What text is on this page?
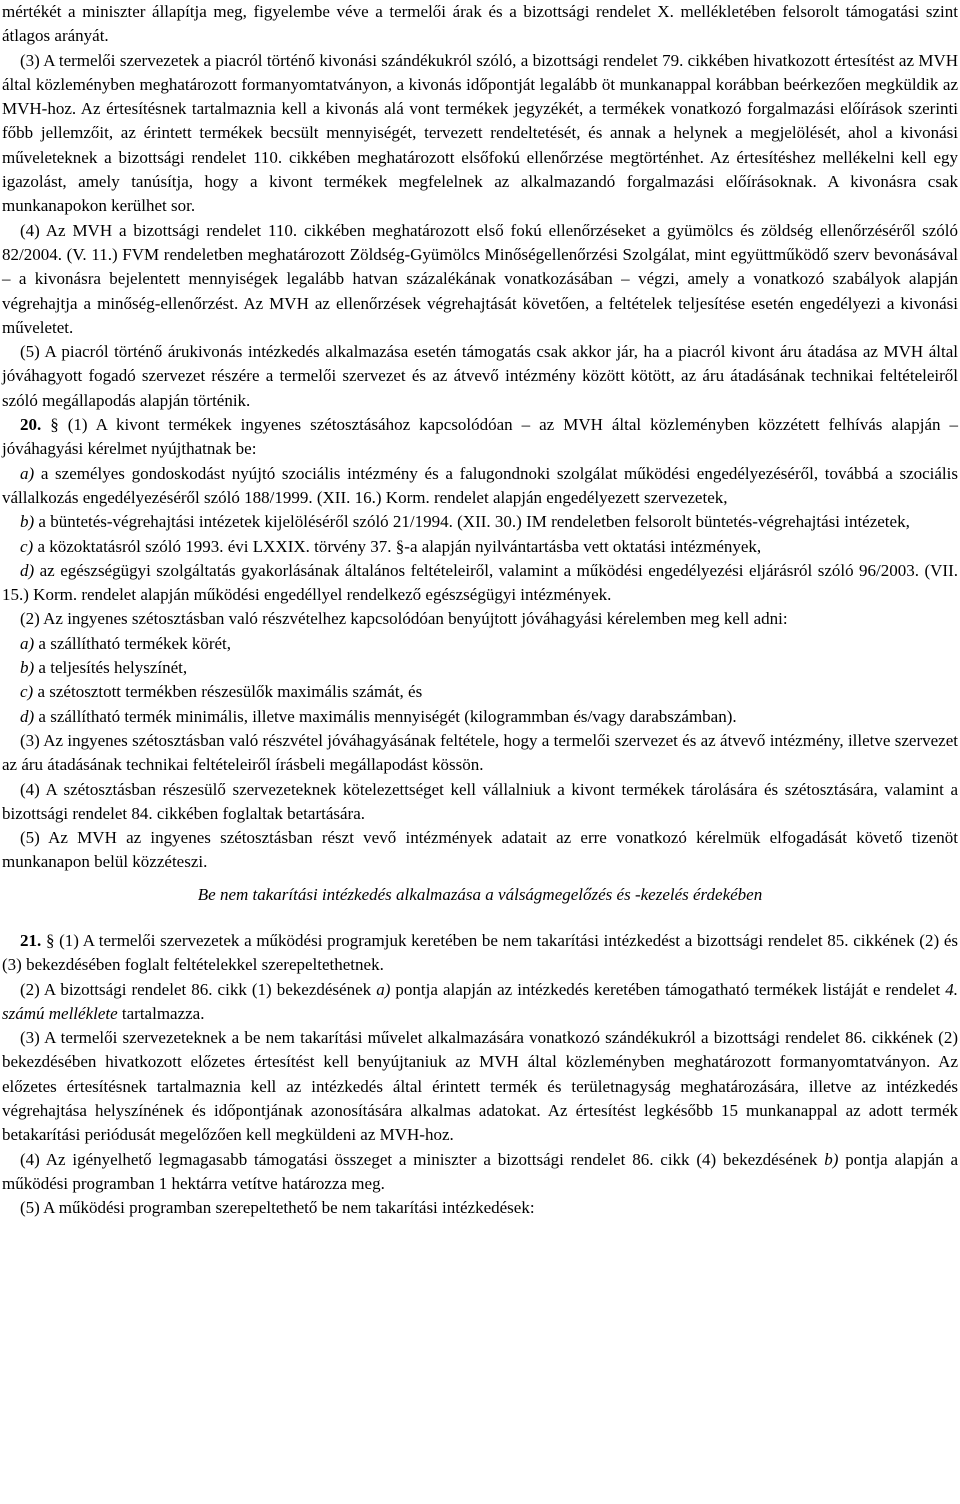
mértékét a miniszter állapítja meg, figyelembe véve a termelői árak és a bizottsági rendelet X. mellékletében felsorolt támogatási szint átlagos arányát.

(3) A termelői szervezetek a piacról történő kivonási szándékukról szóló, a bizottsági rendelet 79. cikkében hivatkozott értesítést az MVH által közleményben meghatározott formanyomtatványon, a kivonás időpontját legalább öt munkanappal korábban beérkezően megküldik az MVH-hoz. Az értesítésnek tartalmaznia kell a kivonás alá vont termékek jegyzékét, a termékek vonatkozó forgalmazási előírások szerinti főbb jellemzőit, az érintett termékek becsült mennyiségét, tervezett rendeltetését, és annak a helynek a megjelölését, ahol a kivonási műveleteknek a bizottsági rendelet 110. cikkében meghatározott elsőfokú ellenőrzése megtörténhet. Az értesítéshez mellékelni kell egy igazolást, amely tanúsítja, hogy a kivont termékek megfelelnek az alkalmazandó forgalmazási előírásoknak. A kivonásra csak munkanapokon kerülhet sor.

(4) Az MVH a bizottsági rendelet 110. cikkében meghatározott első fokú ellenőrzéseket a gyümölcs és zöldség ellenőrzéséről szóló 82/2004. (V. 11.) FVM rendeletben meghatározott Zöldség-Gyümölcs Minőségellenőrzési Szolgálat, mint együttműködő szerv bevonásával – a kivonásra bejelentett mennyiségek legalább hatvan százalékának vonatkozásában – végzi, amely a vonatkozó szabályok alapján végrehajtja a minőség-ellenőrzést. Az MVH az ellenőrzések végrehajtását követően, a feltételek teljesítése esetén engedélyezi a kivonási műveletet.

(5) A piacról történő árukivonás intézkedés alkalmazása esetén támogatás csak akkor jár, ha a piacról kivont áru átadása az MVH által jóváhagyott fogadó szervezet részére a termelői szervezet és az átvevő intézmény között kötött, az áru átadásának technikai feltételeiről szóló megállapodás alapján történik.

20. § (1) A kivont termékek ingyenes szétosztásához kapcsolódóan – az MVH által közleményben közzétett felhívás alapján – jóváhagyási kérelmet nyújthatnak be:

a) a személyes gondoskodást nyújtó szociális intézmény és a falugondnoki szolgálat működési engedélyezéséről, továbbá a szociális vállalkozás engedélyezéséről szóló 188/1999. (XII. 16.) Korm. rendelet alapján engedélyezett szervezetek,

b) a büntetés-végrehajtási intézetek kijelöléséről szóló 21/1994. (XII. 30.) IM rendeletben felsorolt büntetés-végrehajtási intézetek,

c) a közoktatásról szóló 1993. évi LXXIX. törvény 37. §-a alapján nyilvántartásba vett oktatási intézmények,

d) az egészségügyi szolgáltatás gyakorlásának általános feltételeiről, valamint a működési engedélyezési eljárásról szóló 96/2003. (VII. 15.) Korm. rendelet alapján működési engedéllyel rendelkező egészségügyi intézmények.

(2) Az ingyenes szétosztásban való részvételhez kapcsolódóan benyújtott jóváhagyási kérelemben meg kell adni:

a) a szállítható termékek körét,

b) a teljesítés helyszínét,

c) a szétosztott termékben részesülők maximális számát, és

d) a szállítható termék minimális, illetve maximális mennyiségét (kilogrammban és/vagy darabszámban).

(3) Az ingyenes szétosztásban való részvétel jóváhagyásának feltétele, hogy a termelői szervezet és az átvevő intézmény, illetve szervezet az áru átadásának technikai feltételeiről írásbeli megállapodást kössön.

(4) A szétosztásban részesülő szervezeteknek kötelezettséget kell vállalniuk a kivont termékek tárolására és szétosztására, valamint a bizottsági rendelet 84. cikkében foglaltak betartására.

(5) Az MVH az ingyenes szétosztásban részt vevő intézmények adatait az erre vonatkozó kérelmük elfogadását követő tizenöt munkanapon belül közzéteszi.

Be nem takarítási intézkedés alkalmazása a válságmegelőzés és -kezelés érdekében

21. § (1) A termelői szervezetek a működési programjuk keretében be nem takarítási intézkedést a bizottsági rendelet 85. cikkének (2) és (3) bekezdésében foglalt feltételekkel szerepeltethetnek.

(2) A bizottsági rendelet 86. cikk (1) bekezdésének a) pontja alapján az intézkedés keretében támogatható termékek listáját e rendelet 4. számú melléklete tartalmazza.

(3) A termelői szervezeteknek a be nem takarítási művelet alkalmazására vonatkozó szándékukról a bizottsági rendelet 86. cikkének (2) bekezdésében hivatkozott előzetes értesítést kell benyújtaniuk az MVH által közleményben meghatározott formanyomtatványon. Az előzetes értesítésnek tartalmaznia kell az intézkedés által érintett termék és területnagyság meghatározására, illetve az intézkedés végrehajtása helyszínének és időpontjának azonosítására alkalmas adatokat. Az értesítést legkésőbb 15 munkanappal az adott termék betakarítási periódusát megelőzően kell megküldeni az MVH-hoz.

(4) Az igényelhető legmagasabb támogatási összeget a miniszter a bizottsági rendelet 86. cikk (4) bekezdésének b) pontja alapján a működési programban 1 hektárra vetítve határozza meg.

(5) A működési programban szerepeltethető be nem takarítási intézkedések:
